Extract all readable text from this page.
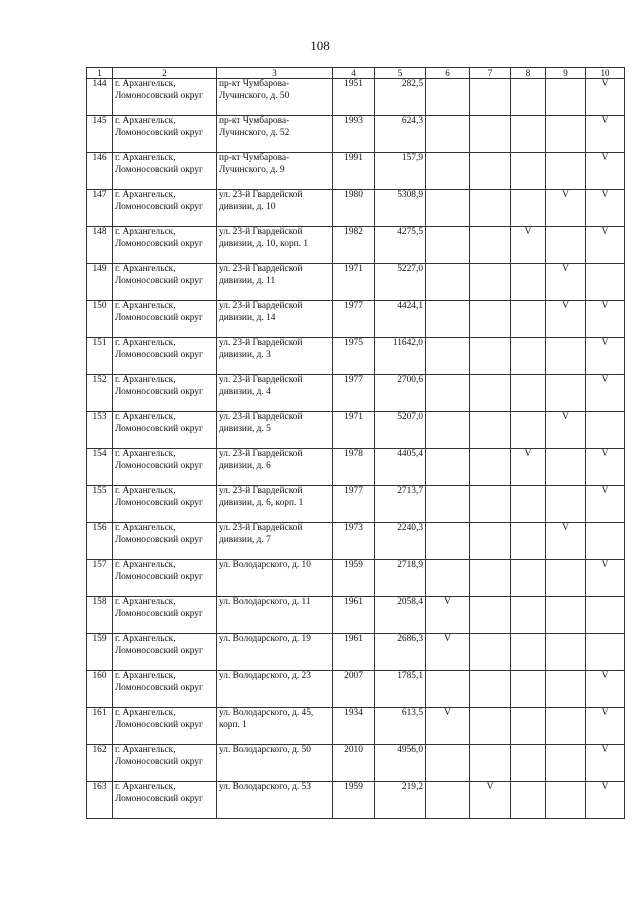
108
1	2	3	4	5	6	7	8	9	10
144	г. Архангельск, Ломоносовский округ	пр-кт Чумбарова-Лучинского, д. 50	1951	282,5					V
145	г. Архангельск, Ломоносовский округ	пр-кт Чумбарова-Лучинского, д. 52	1993	624,3					V
146	г. Архангельск, Ломоносовский округ	пр-кт Чумбарова-Лучинского, д. 9	1991	157,9					V
147	г. Архангельск, Ломоносовский округ	ул. 23-й Гвардейской дивизии, д. 10	1980	5308,9				V	V
148	г. Архангельск, Ломоносовский округ	ул. 23-й Гвардейской дивизии, д. 10, корп. 1	1982	4275,5			V		V
149	г. Архангельск, Ломоносовский округ	ул. 23-й Гвардейской дивизии, д. 11	1971	5227,0				V	
150	г. Архангельск, Ломоносовский округ	ул. 23-й Гвардейской дивизии, д. 14	1977	4424,1				V	V
151	г. Архангельск, Ломоносовский округ	ул. 23-й Гвардейской дивизии, д. 3	1975	11642,0					V
152	г. Архангельск, Ломоносовский округ	ул. 23-й Гвардейской дивизии, д. 4	1977	2700,6					V
153	г. Архангельск, Ломоносовский округ	ул. 23-й Гвардейской дивизии, д. 5	1971	5207,0				V	
154	г. Архангельск, Ломоносовский округ	ул. 23-й Гвардейской дивизии, д. 6	1978	4405,4			V		V
155	г. Архангельск, Ломоносовский округ	ул. 23-й Гвардейской дивизии, д. 6, корп. 1	1977	2713,7					V
156	г. Архангельск, Ломоносовский округ	ул. 23-й Гвардейской дивизии, д. 7	1973	2240,3				V	
157	г. Архангельск, Ломоносовский округ	ул. Володарского, д. 10	1959	2718,9					V
158	г. Архангельск, Ломоносовский округ	ул. Володарского, д. 11	1961	2058,4	V				
159	г. Архангельск, Ломоносовский округ	ул. Володарского, д. 19	1961	2686,3	V				
160	г. Архангельск, Ломоносовский округ	ул. Володарского, д. 23	2007	1785,1					V
161	г. Архангельск, Ломоносовский округ	ул. Володарского, д. 45, корп. 1	1934	613,5	V				V
162	г. Архангельск, Ломоносовский округ	ул. Володарского, д. 50	2010	4956,0					V
163	г. Архангельск, Ломоносовский округ	ул. Володарского, д. 53	1959	219,2		V			V
